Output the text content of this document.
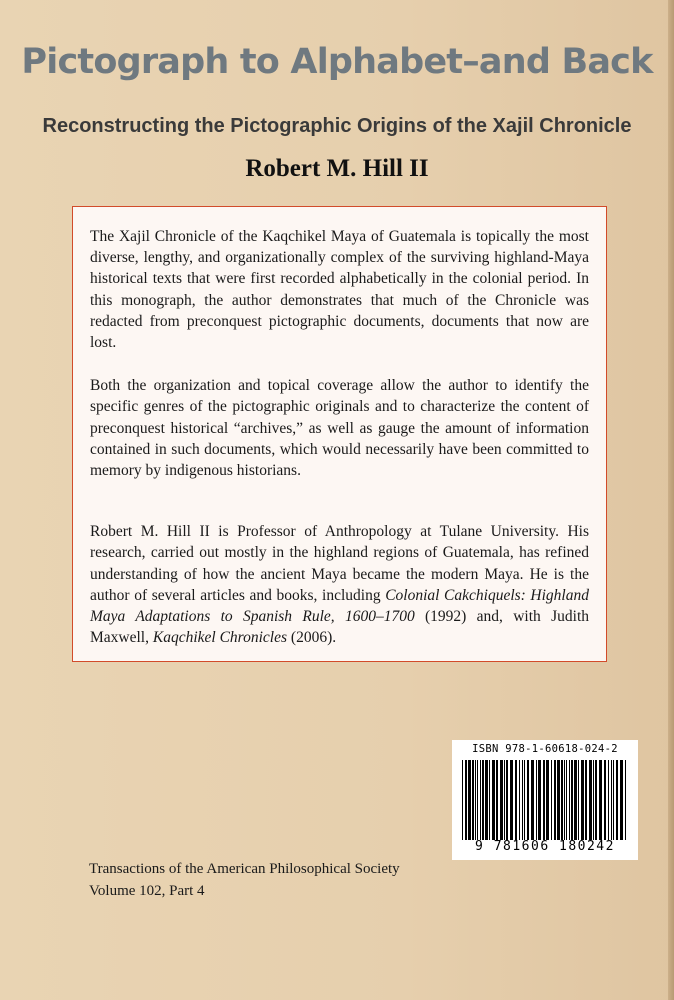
Pictograph to Alphabet–and Back
Reconstructing the Pictographic Origins of the Xajil Chronicle
Robert M. Hill II

The Xajil Chronicle of the Kaqchikel Maya of Guatemala is topically the most diverse, lengthy, and organizationally complex of the surviving highland-Maya historical texts that were first recorded alphabetically in the colonial period. In this monograph, the author demonstrates that much of the Chronicle was redacted from preconquest pictographic documents, documents that now are lost.

Both the organization and topical coverage allow the author to identify the specific genres of the pictographic originals and to characterize the content of preconquest historical “archives,” as well as gauge the amount of information contained in such documents, which would necessarily have been committed to memory by indigenous historians.

Robert M. Hill II is Professor of Anthropology at Tulane University. His research, carried out mostly in the highland regions of Guatemala, has refined understanding of how the ancient Maya became the modern Maya. He is the author of several articles and books, including Colonial Cakchiquels: Highland Maya Adaptations to Spanish Rule, 1600–1700 (1992) and, with Judith Maxwell, Kaqchikel Chronicles (2006).

ISBN 978-1-60618-024-2
9 781606 180242
Transactions of the American Philosophical Society
Volume 102, Part 4
